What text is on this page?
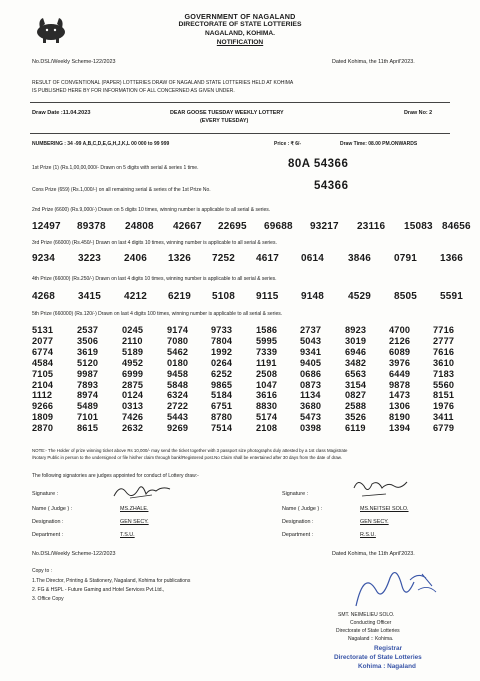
GOVERNMENT OF NAGALAND
DIRECTORATE OF STATE LOTTERIES
NAGALAND, KOHIMA.
NOTIFICATION
No.DSL/Weekly Scheme-122/2023	Dated Kohima, the 11th April'2023.
RESULT OF CONVENTIONAL (PAPER) LOTTERIES DRAW OF NAGALAND STATE LOTTERIES HELD AT KOHIMA
IS PUBLISHED HERE BY FOR INFORMATION OF ALL CONCERNED AS GIVEN UNDER.
Draw Date :11.04.2023	DEAR GOOSE TUESDAY WEEKLY LOTTERY
(EVERY TUESDAY)
Draw No: 2
NUMBERING : 34 -99 A,B,C,D,E,G,H,J,K,L 00 000 to 99 999	Price : ₹ 6/-	Draw Time: 08.00 PM.ONWARDS
1st Prize (1) (Rs.1,00,00,000/- Drawn on 5 digits with serial & series 1 time.	80A 54366
Cons Prize (659) (Rs.1,000/-) on all remaining serial & series of the 1st Prize No.	54366
2nd Prize (6600) (Rs.9,000/-) Drawn on 5 digits 10 times, winning number is applicable to all serial & series.
12497 89378 24808 42667 22695 69688 93217 23116 15083 84656
3rd Prize (66000) (Rs.450/-) Drawn on last 4 digits 10 times, winning number is applicable to all serial & series.
9234 3223 2406 1326 7252 4617 0614 3846 0791 1366
4th Prize (66000) (Rs.250/-) Drawn on last 4 digits 10 times, winning number is applicable to all serial & series.
4268 3415 4212 6219 5108 9115 9148 4529 8505 5591
5th Prize (660000) (Rs.120/-) Drawn on last 4 digits 100 times, winning number is applicable to all serial & series.
5131	2537	0245	9174 9733	1586 2737	8923 4700 7716
2077	3506	2110	7080 7804	5995 5043	3019 2126 2777
6774	3619	5189	5462 1992	7339 9341	6946 6089 7616
4584	5120	4952	0180 0264	1191	9405	3482 3976 3610
7105	9987	6999	9458 6252	2508 0686	6563 6449 7183
2104	7893	2875	5848 9865	1047 0873	3154 9878 5560
1112	8974	0124	6324 5184	3616 1134	0827 1473 8151
9266	5489	0313	2722 6751	8830 3680	2588 1306 1976
1809	7101	7426	5443 8780	5174 5473	3526 8190 3411
2870	8615	2632	9269 7514	2108 0398	6119	1394 6779
NOTE:- The Holder of prize winning ticket above Rs 10,000/- may send the ticket together with 3 passport size photographs duly attested by a 1st class Magistrate
/Notary Public in person to the undersigned or file his/her claim through bank/Registered post.No Claim shall be entertained after 30 days from the date of draw.
The following signatories are judges appointed for conduct of Lottery draw:-
Signature :
Name ( Judge ) :	MS.ZHALE.
Designation :	GEN SECY.
Department :	T.S.U.
Signature :
Name ( Judge ) :	MS.NEITSEI SOLO.
Designation :	GEN SECY.
Department :	R.S.U.
No.DSL/Weekly Scheme-122/2023	Dated Kohima, the 11th April'2023.
Copy to :
1.The Director, Printing & Stationery, Nagaland, Kohima for publications
2. FG & HSPL - Future Gaming and Hotel Services Pvt.Ltd.,
3. Office Copy
SMT. NEIMELIEU SOLO.
Conducting Officer
Directorate of State Lotteries
Nagaland :: Kohima.
Registrar
Directorate of State Lotteries
Kohima : Nagaland
